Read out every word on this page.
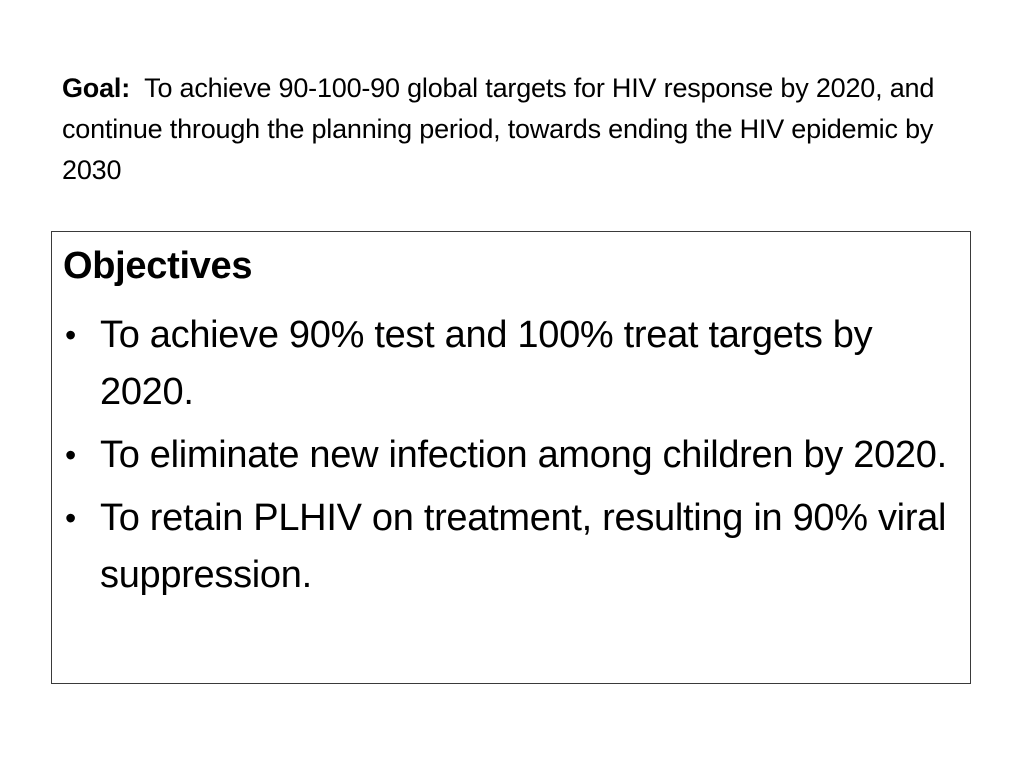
Goal: To achieve 90-100-90 global targets for HIV response by 2020, and continue through the planning period, towards ending the HIV epidemic by 2030
Objectives
• To achieve 90% test and 100% treat targets by 2020.
• To eliminate new infection among children by 2020.
• To retain PLHIV on treatment, resulting in 90% viral suppression.
